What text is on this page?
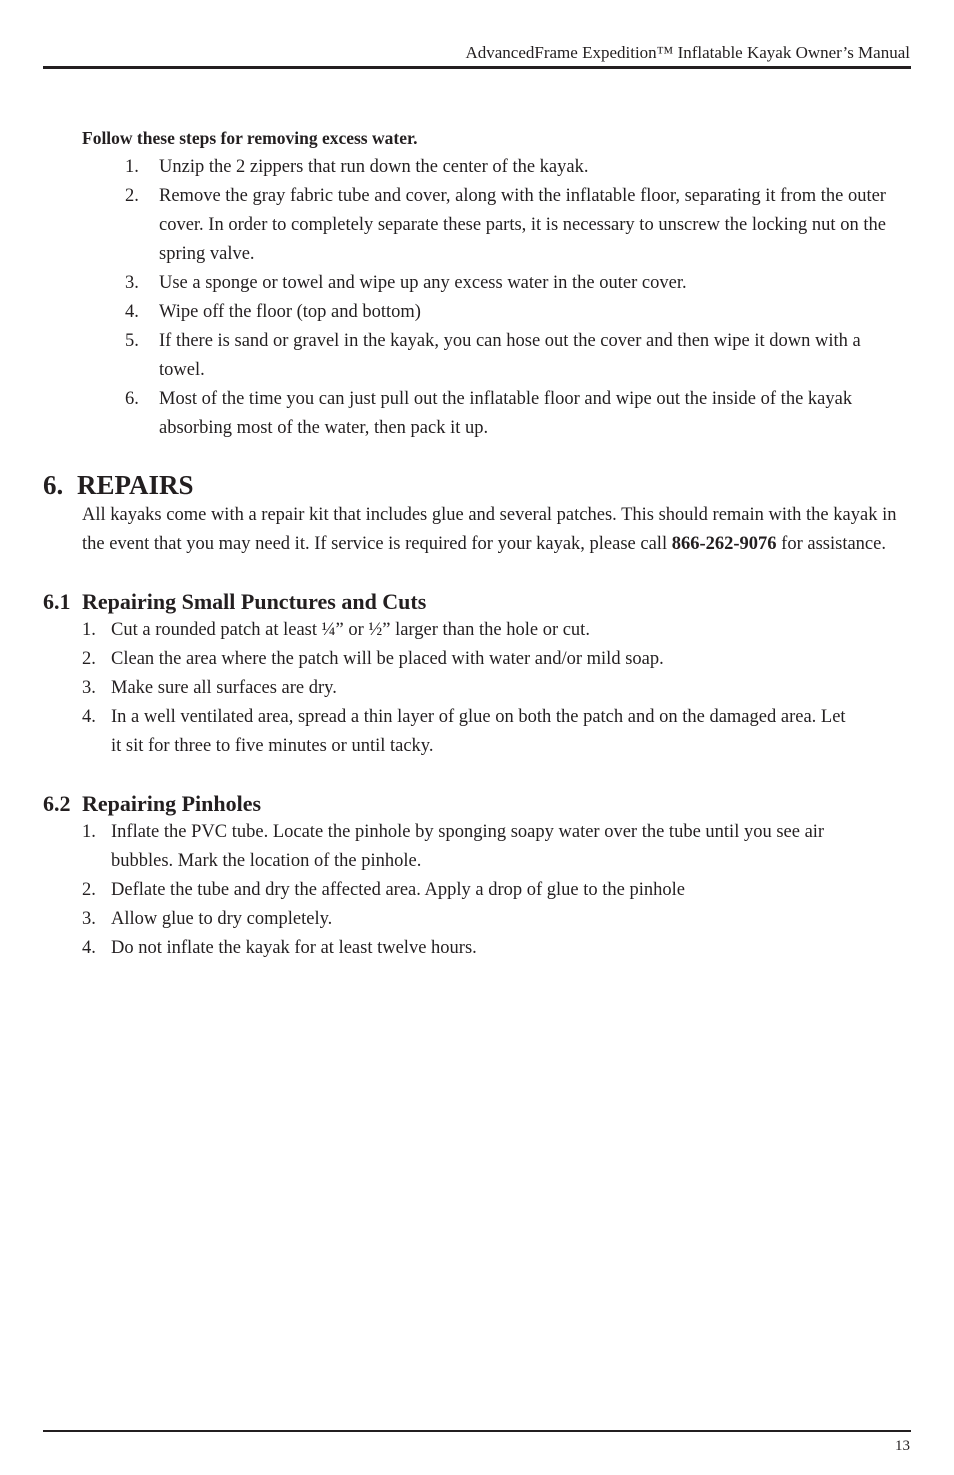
AdvancedFrame Expedition™ Inflatable Kayak Owner’s Manual

Follow these steps for removing excess water.

1. Unzip the 2 zippers that run down the center of the kayak.
2. Remove the gray fabric tube and cover, along with the inflatable floor, separating it from the outer cover. In order to completely separate these parts, it is necessary to unscrew the locking nut on the spring valve.
3. Use a sponge or towel and wipe up any excess water in the outer cover.
4. Wipe off the floor (top and bottom)
5. If there is sand or gravel in the kayak, you can hose out the cover and then wipe it down with a towel.
6. Most of the time you can just pull out the inflatable floor and wipe out the inside of the kayak absorbing most of the water, then pack it up.
6. REPAIRS

All kayaks come with a repair kit that includes glue and several patches. This should remain with the kayak in the event that you may need it. If service is required for your kayak, please call 866-262-9076 for assistance.

6.1 Repairing Small Punctures and Cuts
1. Cut a rounded patch at least ¼” or ½” larger than the hole or cut.
2. Clean the area where the patch will be placed with water and/or mild soap.
3. Make sure all surfaces are dry.
4. In a well ventilated area, spread a thin layer of glue on both the patch and on the damaged area. Let it sit for three to five minutes or until tacky.
6.2 Repairing Pinholes
1. Inflate the PVC tube. Locate the pinhole by sponging soapy water over the tube until you see air bubbles. Mark the location of the pinhole.
2. Deflate the tube and dry the affected area. Apply a drop of glue to the pinhole
3. Allow glue to dry completely.
4. Do not inflate the kayak for at least twelve hours.
13
